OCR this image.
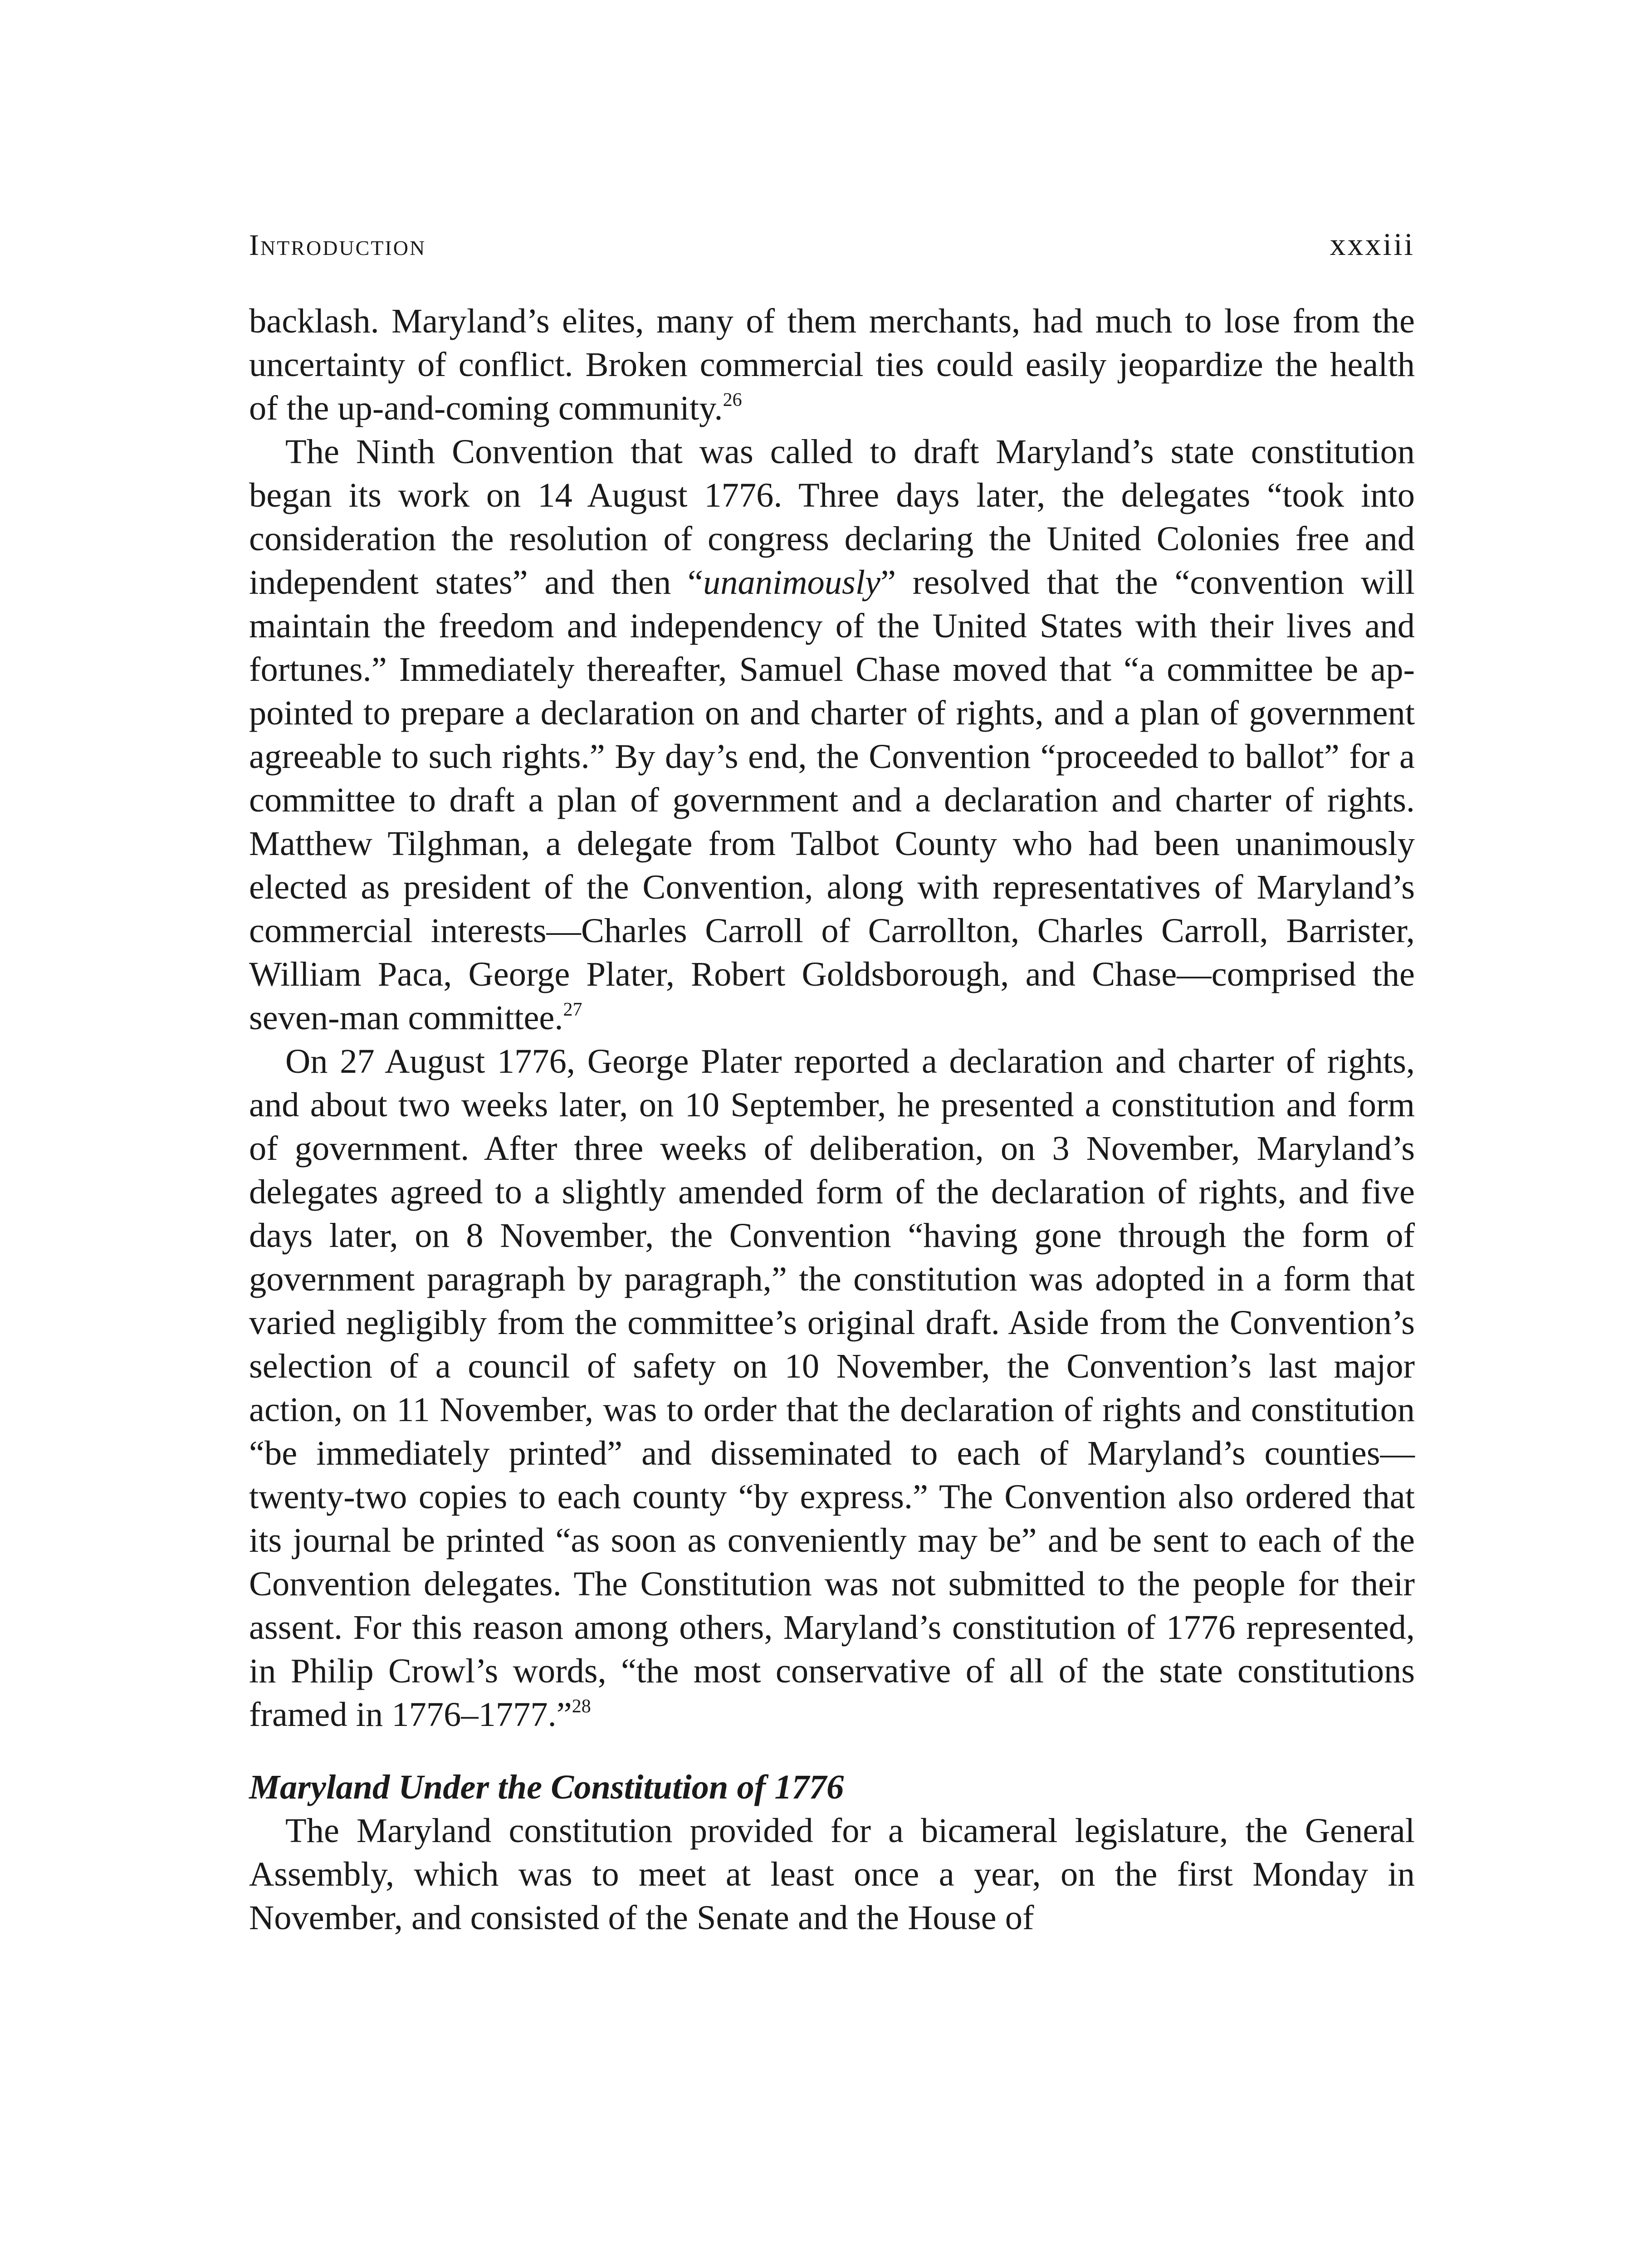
Introduction	xxxiii

backlash. Maryland’s elites, many of them merchants, had much to lose from the uncertainty of conflict. Broken commercial ties could easily jeopardize the health of the up-and-coming community.$^{26}$

The Ninth Convention that was called to draft Maryland’s state constitution began its work on 14 August 1776. Three days later, the delegates “took into consideration the resolution of congress declaring the United Colonies free and independent states” and then “unanimously” resolved that the “convention will maintain the freedom and independency of the United States with their lives and fortunes.” Immediately thereafter, Samuel Chase moved that “a committee be appointed to prepare a declaration on and charter of rights, and a plan of government agreeable to such rights.” By day’s end, the Convention “proceeded to ballot” for a committee to draft a plan of government and a declaration and charter of rights. Matthew Tilghman, a delegate from Talbot County who had been unanimously elected as president of the Convention, along with representatives of Maryland’s commercial interests—Charles Carroll of Carrollton, Charles Carroll, Barrister, William Paca, George Plater, Robert Goldsborough, and Chase—comprised the seven-man committee.$^{27}$

On 27 August 1776, George Plater reported a declaration and charter of rights, and about two weeks later, on 10 September, he presented a constitution and form of government. After three weeks of deliberation, on 3 November, Maryland’s delegates agreed to a slightly amended form of the declaration of rights, and five days later, on 8 November, the Convention “having gone through the form of government paragraph by paragraph,” the constitution was adopted in a form that varied negligibly from the committee’s original draft. Aside from the Convention’s selection of a council of safety on 10 November, the Convention’s last major action, on 11 November, was to order that the declaration of rights and constitution “be immediately printed” and disseminated to each of Maryland’s counties—twenty-two copies to each county “by express.” The Convention also ordered that its journal be printed “as soon as conveniently may be” and be sent to each of the Convention delegates. The Constitution was not submitted to the people for their assent. For this reason among others, Maryland’s constitution of 1776 represented, in Philip Crowl’s words, “the most conservative of all of the state constitutions framed in 1776–1777.”$^{28}$

Maryland Under the Constitution of 1776

The Maryland constitution provided for a bicameral legislature, the General Assembly, which was to meet at least once a year, on the first Monday in November, and consisted of the Senate and the House of
